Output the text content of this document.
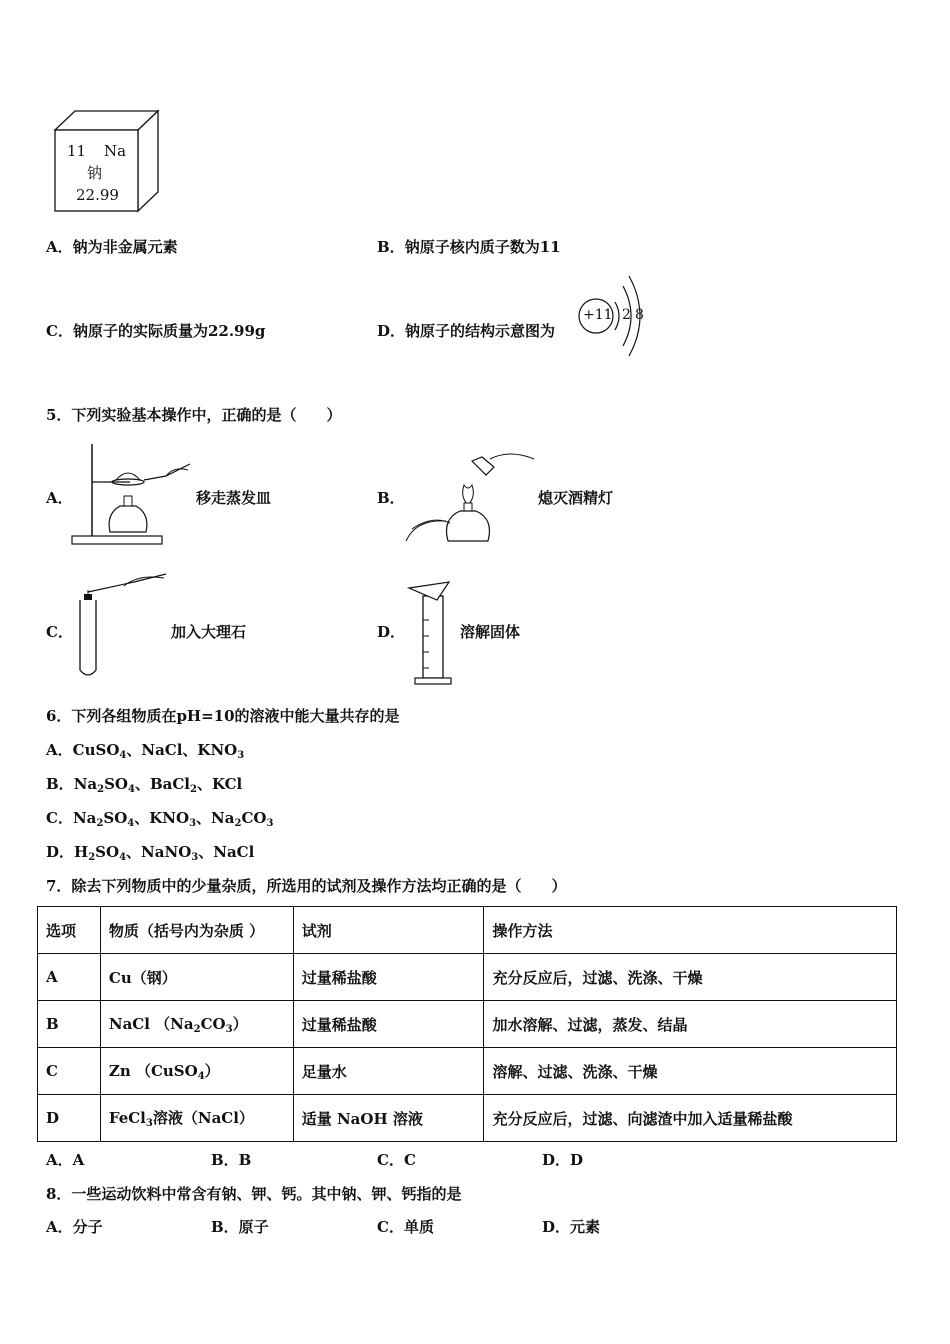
11 Na
钠
22.99
A．钠为非金属元素	B．钠原子核内质子数为11
C．钠原子的实际质量为22.99g	D．钠原子的结构示意图为
+11 2 8
5．下列实验基本操作中，正确的是（　　）
A．	移走蒸发皿	B．	熄灭酒精灯
C．	加入大理石	D．	溶解固体
6．下列各组物质在pH=10的溶液中能大量共存的是
A．CuSO$_4$、NaCl、$KNO_3$
B．$Na_2SO_4$、BaCl$_2$、KCl
C．$Na_2SO_4$、$KNO_3$、$Na_2CO_3$
D．$H_2SO_4$、NaNO$_3$、NaCl
7．除去下列物质中的少量杂质，所选用的试剂及操作方法均正确的是（　　）
选项	物质（括号内为杂质 ）	试剂	操作方法
A	Cu（钢）	过量稀盐酸	充分反应后，过滤、洗涤、干燥
B	NaCl $(Na_2CO_3)$	过量稀盐酸	加水溶解、过滤，蒸发、结晶
C	Zn （CuSO$_4$）	足量水	溶解、过滤、洗涤、干燥
D	FeCl$_3$溶液（NaCl）	适量 NaOH 溶液	充分反应后，过滤、向滤渣中加入适量稀盐酸
A．A	B．B	C．C	D．D
8．一些运动饮料中常含有钠、钾、钙。其中钠、钾、钙指的是
A．分子	B．原子	C．单质	D．元素
